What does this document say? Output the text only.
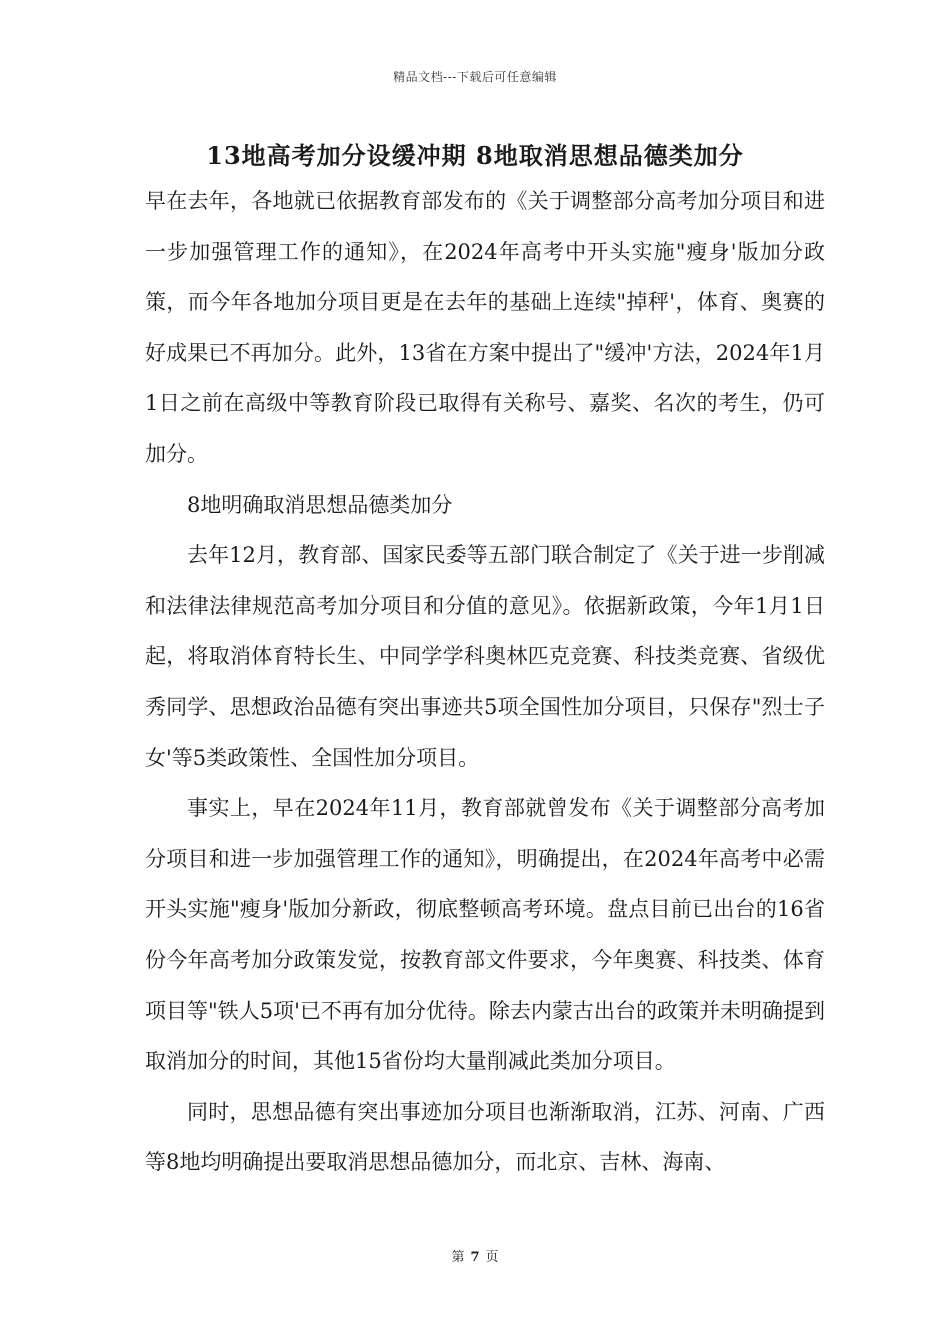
精品文档---下载后可任意编辑
13地高考加分设缓冲期 8地取消思想品德类加分

早在去年，各地就已依据教育部发布的《关于调整部分高考加分项目和进一步加强管理工作的通知》，在2024年高考中开头实施"瘦身'版加分政策，而今年各地加分项目更是在去年的基础上连续"掉秤'，体育、奥赛的好成果已不再加分。此外，13省在方案中提出了"缓冲'方法，2024年1月1日之前在高级中等教育阶段已取得有关称号、嘉奖、名次的考生，仍可加分。

8地明确取消思想品德类加分

去年12月，教育部、国家民委等五部门联合制定了《关于进一步削减和法律法律规范高考加分项目和分值的意见》。依据新政策，今年1月1日起，将取消体育特长生、中同学学科奥林匹克竞赛、科技类竞赛、省级优秀同学、思想政治品德有突出事迹共5项全国性加分项目，只保存"烈士子女'等5类政策性、全国性加分项目。

事实上，早在2024年11月，教育部就曾发布《关于调整部分高考加分项目和进一步加强管理工作的通知》，明确提出，在2024年高考中必需开头实施"瘦身'版加分新政，彻底整顿高考环境。盘点目前已出台的16省份今年高考加分政策发觉，按教育部文件要求，今年奥赛、科技类、体育项目等"铁人5项'已不再有加分优待。除去内蒙古出台的政策并未明确提到取消加分的时间，其他15省份均大量削减此类加分项目。

同时，思想品德有突出事迹加分项目也渐渐取消，江苏、河南、广西等8地均明确提出要取消思想品德加分，而北京、吉林、海南、

第 7 页
